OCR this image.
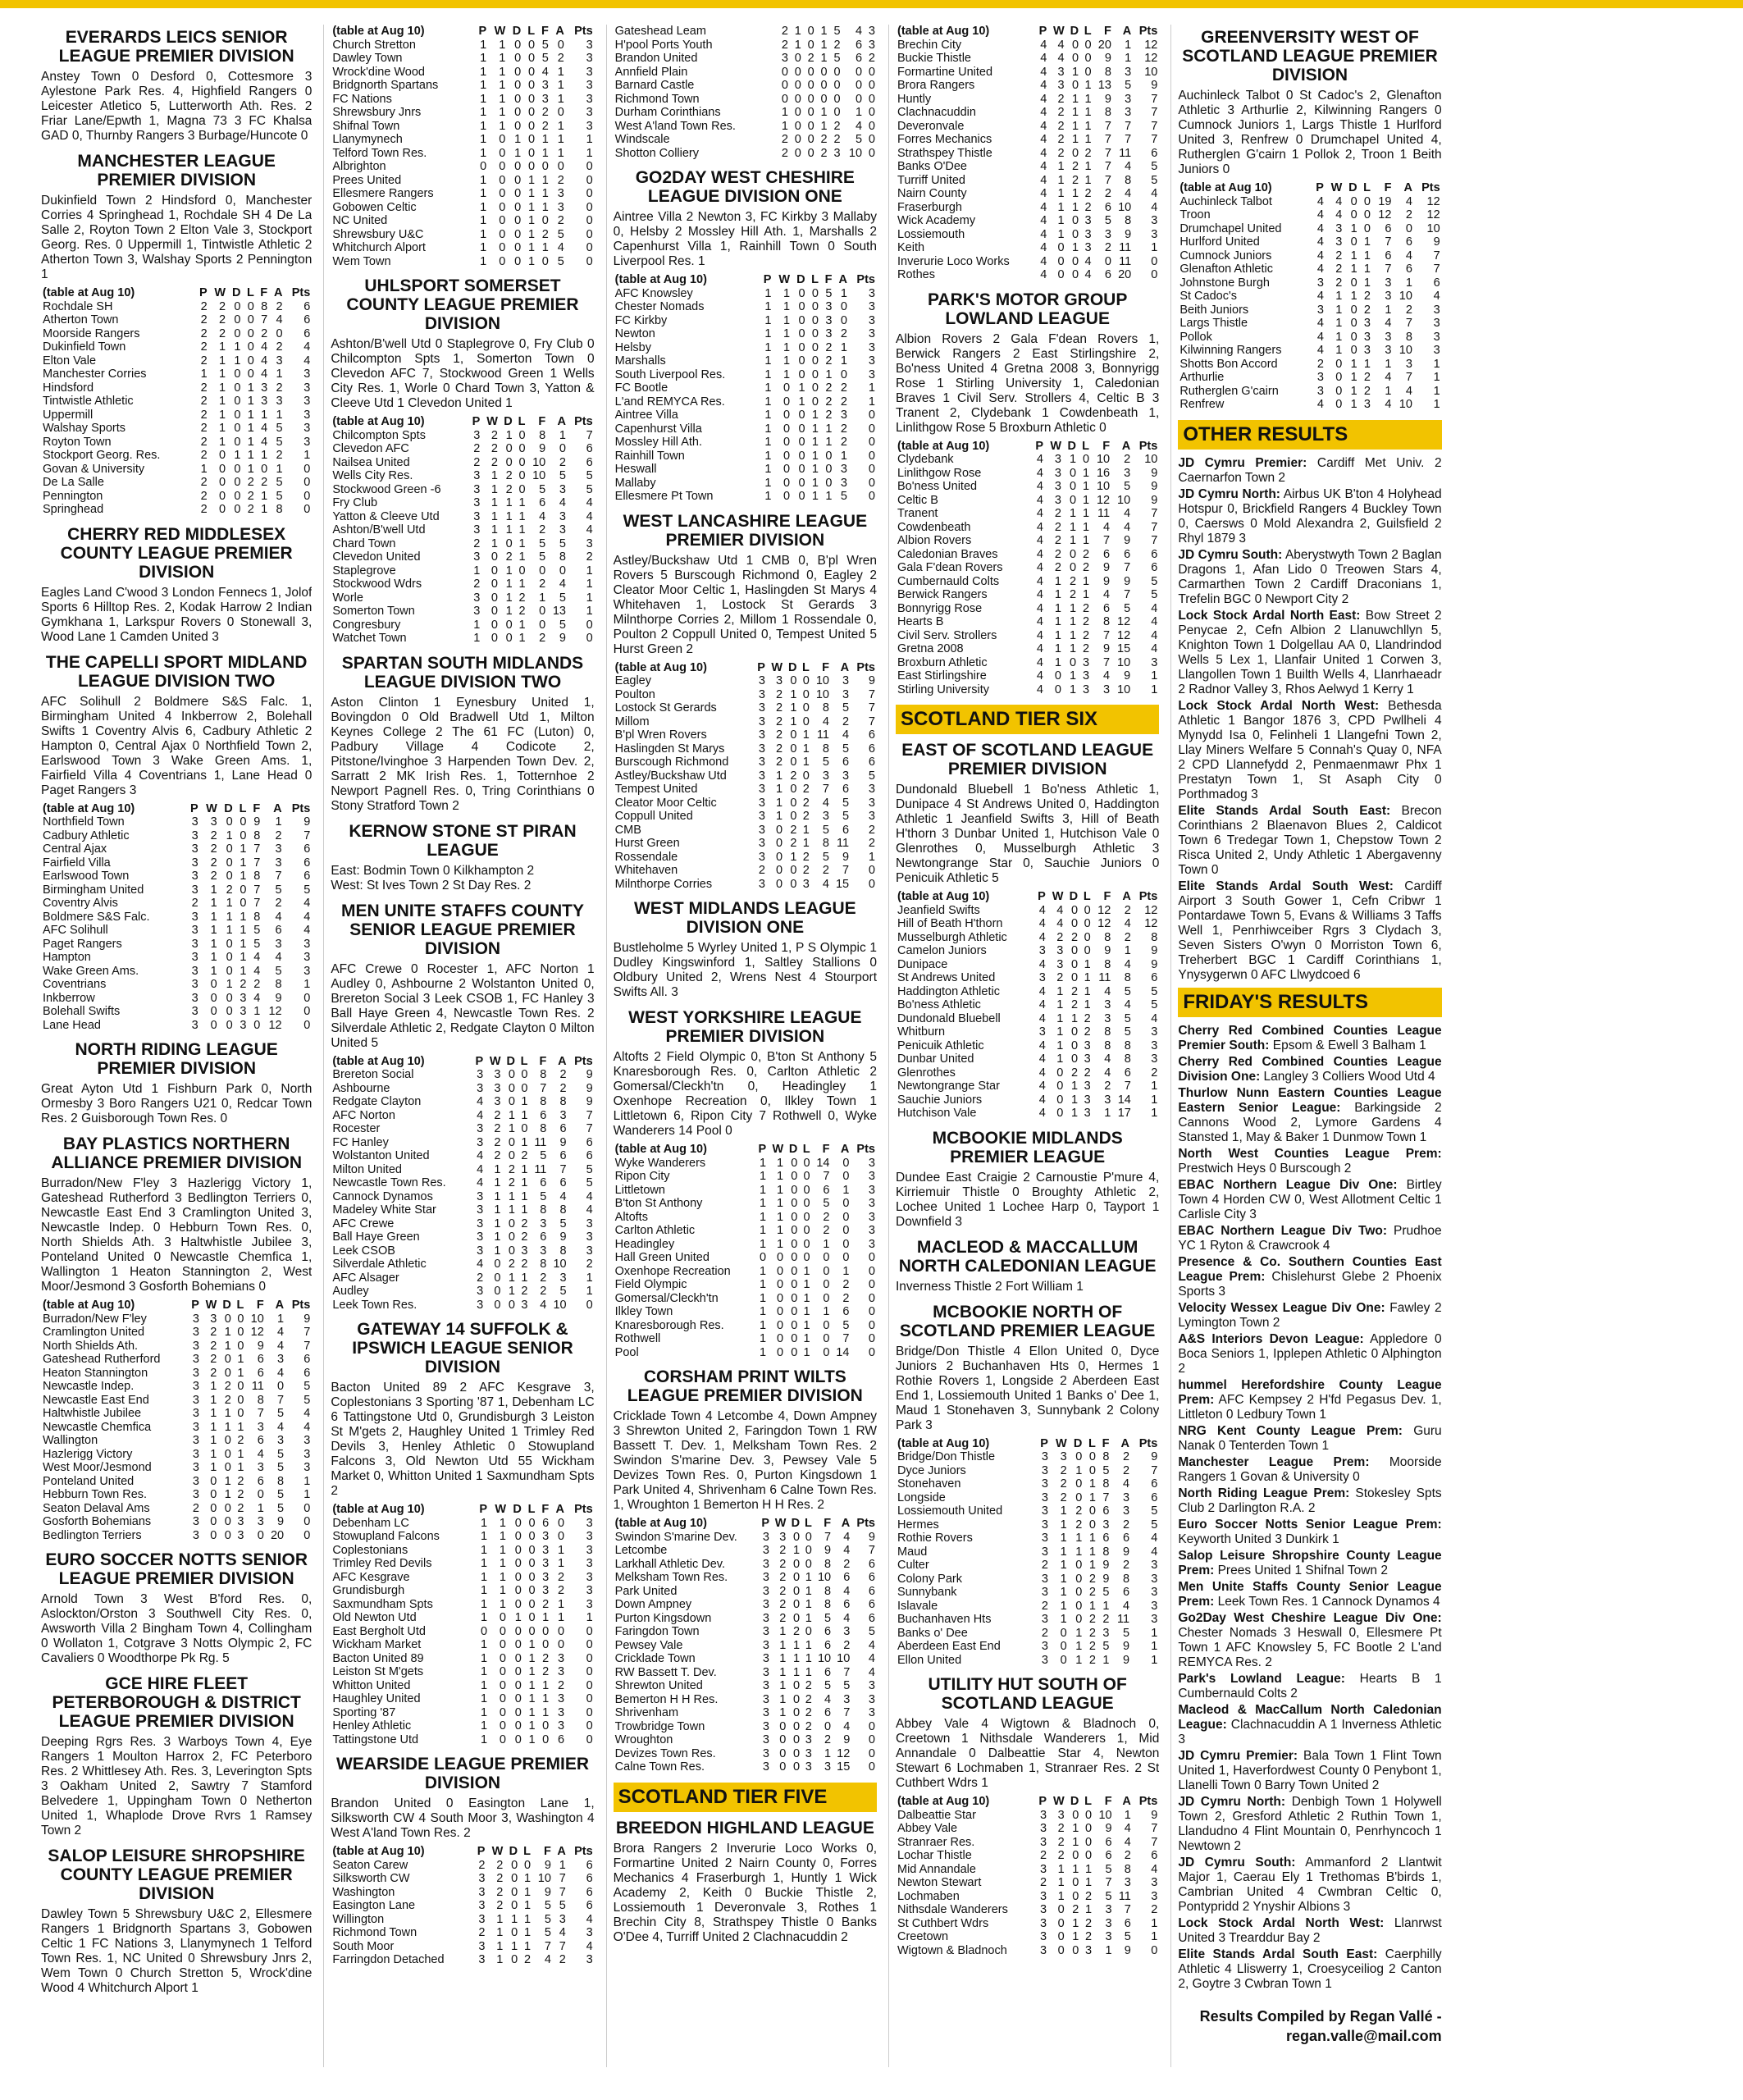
EVERARDS LEICS SENIOR LEAGUE PREMIER DIVISION
Anstey Town 0 Desford 0, Cottesmore 3 Aylestone Park Res. 4, Highfield Rangers 0 Leicester Atletico 5, Lutterworth Ath. Res. 2 Friar Lane/Epwth 1, Magna 73 3 FC Khalsa GAD 0, Thurnby Rangers 3 Burbage/Huncote 0
MANCHESTER LEAGUE PREMIER DIVISION
Dukinfield Town 2 Hindsford 0, Manchester Corries 4 Springhead 1, Rochdale SH 4 De La Salle 2, Royton Town 2 Elton Vale 3, Stockport Georg. Res. 0 Uppermill 1, Tintwistle Athletic 2 Atherton Town 3, Walshay Sports 2 Pennington 1
(table at Aug 10)	P	W	D	L	F	A	Pts
Rochdale SH	2	2	0	0	8	2	6
Atherton Town	2	2	0	0	7	4	6
Moorside Rangers	2	2	0	0	2	0	6
Dukinfield Town	2	1	1	0	4	2	4
Elton Vale	2	1	1	0	4	3	4
Manchester Corries	1	1	0	0	4	1	3
Hindsford	2	1	0	1	3	2	3
Tintwistle Athletic	2	1	0	1	3	3	3
Uppermill	2	1	0	1	1	1	3
Walshay Sports	2	1	0	1	4	5	3
Royton Town	2	1	0	1	4	5	3
Stockport Georg. Res.	2	0	1	1	1	2	1
Govan & University	1	0	0	1	0	1	0
De La Salle	2	0	0	2	2	5	0
Pennington	2	0	0	2	1	5	0
Springhead	2	0	0	2	1	8	0
CHERRY RED MIDDLESEX COUNTY LEAGUE PREMIER DIVISION
Eagles Land C'wood 3 London Fennecs 1, Jolof Sports 6 Hilltop Res. 2, Kodak Harrow 2 Indian Gymkhana 1, Larkspur Rovers 0 Stonewall 3, Wood Lane 1 Camden United 3
THE CAPELLI SPORT MIDLAND LEAGUE DIVISION TWO
AFC Solihull 2 Boldmere S&S Falc. 1, Birmingham United 4 Inkberrow 2, Bolehall Swifts 1 Coventry Alvis 6, Cadbury Athletic 2 Hampton 0, Central Ajax 0 Northfield Town 2, Earlswood Town 3 Wake Green Ams. 1, Fairfield Villa 4 Coventrians 1, Lane Head 0 Paget Rangers 3
(table at Aug 10)	P	W	D	L	F	A	Pts
Northfield Town	3	3	0	0	9	1	9
Cadbury Athletic	3	2	1	0	8	2	7
Central Ajax	3	2	0	1	7	3	6
Fairfield Villa	3	2	0	1	7	3	6
Earlswood Town	3	2	0	1	8	7	6
Birmingham United	3	1	2	0	7	5	5
Coventry Alvis	2	1	1	0	7	2	4
Boldmere S&S Falc.	3	1	1	1	8	4	4
AFC Solihull	3	1	1	1	5	6	4
Paget Rangers	3	1	0	1	5	3	3
Hampton	3	1	0	1	4	4	3
Wake Green Ams.	3	1	0	1	4	5	3
Coventrians	3	0	1	2	2	8	1
Inkberrow	3	0	0	3	4	9	0
Bolehall Swifts	3	0	0	3	1	12	0
Lane Head	3	0	0	3	0	12	0
NORTH RIDING LEAGUE PREMIER DIVISION
Great Ayton Utd 1 Fishburn Park 0, North Ormesby 3 Boro Rangers U21 0, Redcar Town Res. 2 Guisborough Town Res. 0
BAY PLASTICS NORTHERN ALLIANCE PREMIER DIVISION
Burradon/New F'ley 3 Hazlerigg Victory 1, Gateshead Rutherford 3 Bedlington Terriers 0, Newcastle East End 3 Cramlington United 3, Newcastle Indep. 0 Hebburn Town Res. 0, North Shields Ath. 3 Haltwhistle Jubilee 3, Ponteland United 0 Newcastle Chemfica 1, Wallington 1 Heaton Stannington 2, West Moor/Jesmond 3 Gosforth Bohemians 0
(table at Aug 10)	P	W	D	L	F	A	Pts
Burradon/New F'ley	3	3	0	0	10	1	9
Cramlington United	3	2	1	0	12	4	7
North Shields Ath.	3	2	1	0	9	4	7
Gateshead Rutherford	3	2	0	1	6	3	6
Heaton Stannington	3	2	0	1	6	4	6
Newcastle Indep.	3	1	2	0	11	0	5
Newcastle East End	3	1	2	0	8	7	5
Haltwhistle Jubilee	3	1	1	0	7	5	4
Newcastle Chemfica	3	1	1	1	3	4	4
Wallington	3	1	0	2	6	3	3
Hazlerigg Victory	3	1	0	1	4	5	3
West Moor/Jesmond	3	1	0	1	3	5	3
Ponteland United	3	0	1	2	6	8	1
Hebburn Town Res.	3	0	1	2	0	5	1
Seaton Delaval Ams	2	0	0	2	1	5	0
Gosforth Bohemians	3	0	0	3	3	9	0
Bedlington Terriers	3	0	0	3	0	20	0
EURO SOCCER NOTTS SENIOR LEAGUE PREMIER DIVISION
Arnold Town 3 West B'ford Res. 0, Aslockton/Orston 3 Southwell City Res. 0, Awsworth Villa 2 Bingham Town 4, Collingham 0 Wollaton 1, Cotgrave 3 Notts Olympic 2, FC Cavaliers 0 Woodthorpe Pk Rg. 5
GCE HIRE FLEET PETERBOROUGH & DISTRICT LEAGUE PREMIER DIVISION
Deeping Rgrs Res. 3 Warboys Town 4, Eye Rangers 1 Moulton Harrox 2, FC Peterboro Res. 2 Whittlesey Ath. Res. 3, Leverington Spts 3 Oakham United 2, Sawtry 7 Stamford Belvedere 1, Uppingham Town 0 Netherton United 1, Whaplode Drove Rvrs 1 Ramsey Town 2
SALOP LEISURE SHROPSHIRE COUNTY LEAGUE PREMIER DIVISION
Dawley Town 5 Shrewsbury U&C 2, Ellesmere Rangers 1 Bridgnorth Spartans 3, Gobowen Celtic 1 FC Nations 3, Llanymynech 1 Telford Town Res. 1, NC United 0 Shrewsbury Jnrs 2, Wem Town 0 Church Stretton 5, Wrock'dine Wood 4 Whitchurch Alport 1
(table at Aug 10)	P	W	D	L	F	A	Pts
Church Stretton	1	1	0	0	5	0	3
Dawley Town	1	1	0	0	5	2	3
Wrock'dine Wood	1	1	0	0	4	1	3
Bridgnorth Spartans	1	1	0	0	3	1	3
FC Nations	1	1	0	0	3	1	3
Shrewsbury Jnrs	1	1	0	0	2	0	3
Shifnal Town	1	1	0	0	2	1	3
Llanymynech	1	0	1	0	1	1	1
Telford Town Res.	1	0	1	0	1	1	1
Albrighton	0	0	0	0	0	0	0
Prees United	1	0	0	1	1	2	0
Ellesmere Rangers	1	0	0	1	1	3	0
Gobowen Celtic	1	0	0	1	1	3	0
NC United	1	0	0	1	0	2	0
Shrewsbury U&C	1	0	0	1	2	5	0
Whitchurch Alport	1	0	0	1	1	4	0
Wem Town	1	0	0	1	0	5	0
UHLSPORT SOMERSET COUNTY LEAGUE PREMIER DIVISION
Ashton/B'well Utd 0 Staplegrove 0, Fry Club 0 Chilcompton Spts 1, Somerton Town 0 Clevedon AFC 7, Stockwood Green 1 Wells City Res. 1, Worle 0 Chard Town 3, Yatton & Cleeve Utd 1 Clevedon United 1
(table at Aug 10)	P	W	D	L	F	A	Pts
Chilcompton Spts	3	2	1	0	8	1	7
Clevedon AFC	2	2	0	0	9	0	6
Nailsea United	2	2	0	0	10	2	6
Wells City Res.	3	1	2	0	10	5	5
Stockwood Green -6	3	1	2	0	5	3	5
Fry Club	3	1	1	1	6	4	4
Yatton & Cleeve Utd	3	1	1	1	4	3	4
Ashton/B'well Utd	3	1	1	1	2	3	4
Chard Town	2	1	0	1	5	5	3
Clevedon United	3	0	2	1	5	8	2
Staplegrove	1	0	1	0	0	0	1
Stockwood Wdrs	2	0	1	1	2	4	1
Worle	3	0	1	2	1	5	1
Somerton Town	3	0	1	2	0	13	1
Congresbury	1	0	0	1	0	5	0
Watchet Town	1	0	0	1	2	9	0
SPARTAN SOUTH MIDLANDS LEAGUE DIVISION TWO
Aston Clinton 1 Eynesbury United 1, Bovingdon 0 Old Bradwell Utd 1, Milton Keynes College 2 The 61 FC (Luton) 0, Padbury Village 4 Codicote 2, Pitstone/Ivinghoe 3 Harpenden Town Dev. 2, Sarratt 2 MK Irish Res. 1, Totternhoe 2 Newport Pagnell Res. 0, Tring Corinthians 0 Stony Stratford Town 2
KERNOW STONE ST PIRAN LEAGUE
East: Bodmin Town 0 Kilkhampton 2
West: St Ives Town 2 St Day Res. 2
MEN UNITE STAFFS COUNTY SENIOR LEAGUE PREMIER DIVISION
AFC Crewe 0 Rocester 1, AFC Norton 1 Audley 0, Ashbourne 2 Wolstanton United 0, Brereton Social 3 Leek CSOB 1, FC Hanley 3 Ball Haye Green 4, Newcastle Town Res. 2 Silverdale Athletic 2, Redgate Clayton 0 Milton United 5
(table at Aug 10)	P	W	D	L	F	A	Pts
Brereton Social	3	3	0	0	8	2	9
Ashbourne	3	3	0	0	7	2	9
Redgate Clayton	4	3	0	1	8	8	9
AFC Norton	4	2	1	1	6	3	7
Rocester	3	2	1	0	8	6	7
FC Hanley	3	2	0	1	11	9	6
Wolstanton United	4	2	0	2	5	6	6
Milton United	4	1	2	1	11	7	5
Newcastle Town Res.	4	1	2	1	6	6	5
Cannock Dynamos	3	1	1	1	5	4	4
Madeley White Star	3	1	1	1	8	8	4
AFC Crewe	3	1	0	2	3	5	3
Ball Haye Green	3	1	0	2	6	9	3
Leek CSOB	3	1	0	3	3	8	3
Silverdale Athletic	4	0	2	2	8	10	2
AFC Alsager	2	0	1	1	2	3	1
Audley	3	0	1	2	2	5	1
Leek Town Res.	3	0	0	3	4	10	0
GATEWAY 14 SUFFOLK & IPSWICH LEAGUE SENIOR DIVISION
Bacton United 89 2 AFC Kesgrave 3, Coplestonians 3 Sporting '87 1, Debenham LC 6 Tattingstone Utd 0, Grundisburgh 3 Leiston St M'gets 2, Haughley United 1 Trimley Red Devils 3, Henley Athletic 0 Stowupland Falcons 3, Old Newton Utd 55 Wickham Market 0, Whitton United 1 Saxmundham Spts 2
(table at Aug 10)	P	W	D	L	F	A	Pts
Debenham LC	1	1	0	0	6	0	3
Stowupland Falcons	1	1	0	0	3	0	3
Coplestonians	1	1	0	0	3	1	3
Trimley Red Devils	1	1	0	0	3	1	3
AFC Kesgrave	1	1	0	0	3	2	3
Grundisburgh	1	1	0	0	3	2	3
Saxmundham Spts	1	1	0	0	2	1	3
Old Newton Utd	1	0	1	0	1	1	1
East Bergholt Utd	0	0	0	0	0	0	0
Wickham Market	1	0	0	1	0	0	0
Bacton United 89	1	0	0	1	2	3	0
Leiston St M'gets	1	0	0	1	2	3	0
Whitton United	1	0	0	1	1	2	0
Haughley United	1	0	0	1	1	3	0
Sporting '87	1	0	0	1	1	3	0
Henley Athletic	1	0	0	1	0	3	0
Tattingstone Utd	1	0	0	1	0	6	0
WEARSIDE LEAGUE PREMIER DIVISION
Brandon United 0 Easington Lane 1, Silksworth CW 4 South Moor 3, Washington 4 West A'land Town Res. 2
(table at Aug 10)	P	W	D	L	F	A	Pts
Seaton Carew	2	2	0	0	9	1	6
Silksworth CW	3	2	0	1	10	7	6
Washington	3	2	0	1	9	7	6
Easington Lane	3	2	0	1	5	5	6
Willington	3	1	1	1	5	3	4
Richmond Town	2	1	0	1	5	4	3
South Moor	3	1	1	1	7	7	4
Farringdon Detached	3	1	0	2	4	2	3
Gateshead Leam	2	1	0	1	5	4	3
H'pool Ports Youth	2	1	0	1	2	6	3
Brandon United	3	0	2	1	5	6	2
Annfield Plain	0	0	0	0	0	0	0
Barnard Castle	0	0	0	0	0	0	0
Richmond Town	0	0	0	0	0	0	0
Durham Corinthians	1	0	0	1	0	1	0
West A'land Town Res.	1	0	0	1	2	4	0
Windscale	2	0	0	2	2	5	0
Shotton Colliery	2	0	0	2	3	10	0
GO2DAY WEST CHESHIRE LEAGUE DIVISION ONE
Aintree Villa 2 Newton 3, FC Kirkby 3 Mallaby 0, Helsby 2 Mossley Hill Ath. 1, Marshalls 2 Capenhurst Villa 1, Rainhill Town 0 South Liverpool Res. 1
(table at Aug 10)	P	W	D	L	F	A	Pts
AFC Knowsley	1	1	0	0	5	1	3
Chester Nomads	1	1	0	0	3	0	3
FC Kirkby	1	1	0	0	3	0	3
Newton	1	1	0	0	3	2	3
Helsby	1	1	0	0	2	1	3
Marshalls	1	1	0	0	2	1	3
South Liverpool Res.	1	1	0	0	1	0	3
FC Bootle	1	0	1	0	2	2	1
L'and REMYCA Res.	1	0	1	0	2	2	1
Aintree Villa	1	0	0	1	2	3	0
Capenhurst Villa	1	0	0	1	1	2	0
Mossley Hill Ath.	1	0	0	1	1	2	0
Rainhill Town	1	0	0	1	0	1	0
Heswall	1	0	0	1	0	3	0
Mallaby	1	0	0	1	0	3	0
Ellesmere Pt Town	1	0	0	1	1	5	0
WEST LANCASHIRE LEAGUE PREMIER DIVISION
Astley/Buckshaw Utd 1 CMB 0, B'pl Wren Rovers 5 Burscough Richmond 0, Eagley 2 Cleator Moor Celtic 1, Haslingden St Marys 4 Whitehaven 1, Lostock St Gerards 3 Milnthorpe Corries 2, Millom 1 Rossendale 0, Poulton 2 Coppull United 0, Tempest United 5 Hurst Green 2
(table at Aug 10)	P	W	D	L	F	A	Pts
Eagley	3	3	0	0	10	3	9
Poulton	3	2	1	0	10	3	7
Lostock St Gerards	3	2	1	0	8	5	7
Millom	3	2	1	0	4	2	7
B'pl Wren Rovers	3	2	0	1	11	4	6
Haslingden St Marys	3	2	0	1	8	5	6
Burscough Richmond	3	2	0	1	5	6	6
Astley/Buckshaw Utd	3	1	2	0	3	3	5
Tempest United	3	1	0	2	7	6	3
Cleator Moor Celtic	3	1	0	2	4	5	3
Coppull United	3	1	0	2	3	5	3
CMB	3	0	2	1	5	6	2
Hurst Green	3	0	2	1	8	11	2
Rossendale	3	0	1	2	5	9	1
Whitehaven	2	0	0	2	2	7	0
Milnthorpe Corries	3	0	0	3	4	15	0
WEST MIDLANDS LEAGUE DIVISION ONE
Bustleholme 5 Wyrley United 1, P S Olympic 1 Dudley Kingswinford 1, Saltley Stallions 0 Oldbury United 2, Wrens Nest 4 Stourport Swifts All. 3
WEST YORKSHIRE LEAGUE PREMIER DIVISION
Altofts 2 Field Olympic 0, B'ton St Anthony 5 Knaresborough Res. 0, Carlton Athletic 2 Gomersal/Cleckh'tn 0, Headingley 1 Oxenhope Recreation 0, Ilkley Town 1 Littletown 6, Ripon City 7 Rothwell 0, Wyke Wanderers 14 Pool 0
(table at Aug 10)	P	W	D	L	F	A	Pts
Wyke Wanderers	1	1	0	0	14	0	3
Ripon City	1	1	0	0	7	0	3
Littletown	1	1	0	0	6	1	3
B'ton St Anthony	1	1	0	0	5	0	3
Altofts	1	1	0	0	2	0	3
Carlton Athletic	1	1	0	0	2	0	3
Headingley	1	1	0	0	1	0	3
Hall Green United	0	0	0	0	0	0	0
Oxenhope Recreation	1	0	0	1	0	1	0
Field Olympic	1	0	0	1	0	2	0
Gomersal/Cleckh'tn	1	0	0	1	0	2	0
Ilkley Town	1	0	0	1	1	6	0
Knaresborough Res.	1	0	0	1	0	5	0
Rothwell	1	0	0	1	0	7	0
Pool	1	0	0	1	0	14	0
CORSHAM PRINT WILTS LEAGUE PREMIER DIVISION
Cricklade Town 4 Letcombe 4, Down Ampney 3 Shrewton United 2, Faringdon Town 1 RW Bassett T. Dev. 1, Melksham Town Res. 2 Swindon S'marine Dev. 3, Pewsey Vale 5 Devizes Town Res. 0, Purton Kingsdown 1 Park United 4, Shrivenham 6 Calne Town Res. 1, Wroughton 1 Bemerton H H Res. 2
(table at Aug 10)	P	W	D	L	F	A	Pts
Swindon S'marine Dev.	3	3	0	0	7	4	9
Letcombe	3	2	1	0	9	4	7
Larkhall Athletic Dev.	3	2	0	0	8	2	6
Melksham Town Res.	3	2	0	1	10	6	6
Park United	3	2	0	1	8	4	6
Down Ampney	3	2	0	1	8	6	6
Purton Kingsdown	3	2	0	1	5	4	6
Faringdon Town	3	1	2	0	6	3	5
Pewsey Vale	3	1	1	1	6	2	4
Cricklade Town	3	1	1	1	10	10	4
RW Bassett T. Dev.	3	1	1	1	6	7	4
Shrewton United	3	1	0	2	5	5	3
Bemerton H H Res.	3	1	0	2	4	3	3
Shrivenham	3	1	0	2	6	7	3
Trowbridge Town	3	0	0	2	0	4	0
Wroughton	3	0	0	3	2	9	0
Devizes Town Res.	3	0	0	3	1	12	0
Calne Town Res.	3	0	0	3	3	15	0
SCOTLAND TIER FIVE
BREEDON HIGHLAND LEAGUE
Brora Rangers 2 Inverurie Loco Works 0, Formartine United 2 Nairn County 0, Forres Mechanics 4 Fraserburgh 1, Huntly 1 Wick Academy 2, Keith 0 Buckie Thistle 2, Lossiemouth 1 Deveronvale 3, Rothes 1 Brechin City 8, Strathspey Thistle 0 Banks O'Dee 4, Turriff United 2 Clachnacuddin 2
(table at Aug 10)	P	W	D	L	F	A	Pts
Brechin City	4	4	0	0	20	1	12
Buckie Thistle	4	4	0	0	9	1	12
Formartine United	4	3	1	0	8	3	10
Brora Rangers	4	3	0	1	13	5	9
Huntly	4	2	1	1	9	3	7
Clachnacuddin	4	2	1	1	8	3	7
Deveronvale	4	2	1	1	7	7	7
Forres Mechanics	4	2	1	1	7	7	7
Strathspey Thistle	4	2	0	2	7	11	6
Banks O'Dee	4	1	2	1	7	4	5
Turriff United	4	1	2	1	7	8	5
Nairn County	4	1	1	2	2	4	4
Fraserburgh	4	1	1	2	6	10	4
Wick Academy	4	1	0	3	5	8	3
Lossiemouth	4	1	0	3	3	9	3
Keith	4	0	1	3	2	11	1
Inverurie Loco Works	4	0	0	4	0	11	0
Rothes	4	0	0	4	6	20	0
PARK'S MOTOR GROUP LOWLAND LEAGUE
Albion Rovers 2 Gala F'dean Rovers 1, Berwick Rangers 2 East Stirlingshire 2, Bo'ness United 4 Gretna 2008 3, Bonnyrigg Rose 1 Stirling University 1, Caledonian Braves 1 Civil Serv. Strollers 4, Celtic B 3 Tranent 2, Clydebank 1 Cowdenbeath 1, Linlithgow Rose 5 Broxburn Athletic 0
(table at Aug 10)	P	W	D	L	F	A	Pts
Clydebank	4	3	1	0	10	2	10
Linlithgow Rose	4	3	0	1	16	3	9
Bo'ness United	4	3	0	1	10	5	9
Celtic B	4	3	0	1	12	10	9
Tranent	4	2	1	1	11	4	7
Cowdenbeath	4	2	1	1	4	4	7
Albion Rovers	4	2	1	1	7	9	7
Caledonian Braves	4	2	0	2	6	6	6
Gala F'dean Rovers	4	2	0	2	9	7	6
Cumbernauld Colts	4	1	2	1	9	9	5
Berwick Rangers	4	1	2	1	4	7	5
Bonnyrigg Rose	4	1	1	2	6	5	4
Hearts B	4	1	1	2	8	12	4
Civil Serv. Strollers	4	1	1	2	7	12	4
Gretna 2008	4	1	1	2	9	15	4
Broxburn Athletic	4	1	0	3	7	10	3
East Stirlingshire	4	0	1	3	4	9	1
Stirling University	4	0	1	3	3	10	1
SCOTLAND TIER SIX
EAST OF SCOTLAND LEAGUE PREMIER DIVISION
Dundonald Bluebell 1 Bo'ness Athletic 1, Dunipace 4 St Andrews United 0, Haddington Athletic 1 Jeanfield Swifts 3, Hill of Beath H'thorn 3 Dunbar United 1, Hutchison Vale 0 Glenrothes 0, Musselburgh Athletic 3 Newtongrange Star 0, Sauchie Juniors 0 Penicuik Athletic 5
(table at Aug 10)	P	W	D	L	F	A	Pts
Jeanfield Swifts	4	4	0	0	12	2	12
Hill of Beath H'thorn	4	4	0	0	12	4	12
Musselburgh Athletic	4	2	2	0	8	2	8
Camelon Juniors	3	3	0	0	9	1	9
Dunipace	4	3	0	1	8	4	9
St Andrews United	3	2	0	1	11	8	6
Haddington Athletic	4	1	2	1	4	5	5
Bo'ness Athletic	4	1	2	1	3	4	5
Dundonald Bluebell	4	1	1	2	3	5	4
Whitburn	3	1	0	2	8	5	3
Penicuik Athletic	4	1	0	3	8	8	3
Dunbar United	4	1	0	3	4	8	3
Glenrothes	4	0	2	2	4	6	2
Newtongrange Star	4	0	1	3	2	7	1
Sauchie Juniors	4	0	1	3	3	14	1
Hutchison Vale	4	0	1	3	1	17	1
MCBOOKIE MIDLANDS PREMIER LEAGUE
Dundee East Craigie 2 Carnoustie P'mure 4, Kirriemuir Thistle 0 Broughty Athletic 2, Lochee United 1 Lochee Harp 0, Tayport 1 Downfield 3
MACLEOD & MACCALLUM NORTH CALEDONIAN LEAGUE
Inverness Thistle 2 Fort William 1
MCBOOKIE NORTH OF SCOTLAND PREMIER LEAGUE
Bridge/Don Thistle 4 Ellon United 0, Dyce Juniors 2 Buchanhaven Hts 0, Hermes 1 Rothie Rovers 1, Longside 2 Aberdeen East End 1, Lossiemouth United 1 Banks o' Dee 1, Maud 1 Stonehaven 3, Sunnybank 2 Colony Park 3
(table at Aug 10)	P	W	D	L	F	A	Pts
Bridge/Don Thistle	3	3	0	0	8	2	9
Dyce Juniors	3	2	1	0	5	2	7
Stonehaven	3	2	0	1	8	4	6
Longside	3	2	0	1	7	3	6
Lossiemouth United	3	1	2	0	6	3	5
Hermes	3	1	2	0	3	2	5
Rothie Rovers	3	1	1	1	6	6	4
Maud	3	1	1	1	8	9	4
Culter	2	1	0	1	9	2	3
Colony Park	3	1	0	2	9	8	3
Sunnybank	3	1	0	2	5	6	3
Islavale	2	1	0	1	1	4	3
Buchanhaven Hts	3	1	0	2	2	11	3
Banks o' Dee	2	0	1	2	3	5	1
Aberdeen East End	3	0	1	2	5	9	1
Ellon United	3	0	1	2	1	9	1
UTILITY HUT SOUTH OF SCOTLAND LEAGUE
Abbey Vale 4 Wigtown & Bladnoch 0, Creetown 1 Nithsdale Wanderers 1, Mid Annandale 0 Dalbeattie Star 4, Newton Stewart 6 Lochmaben 1, Stranraer Res. 2 St Cuthbert Wdrs 1
(table at Aug 10)	P	W	D	L	F	A	Pts
Dalbeattie Star	3	3	0	0	10	1	9
Abbey Vale	3	2	1	0	9	4	7
Stranraer Res.	3	2	1	0	6	4	7
Lochar Thistle	2	2	0	0	6	2	6
Mid Annandale	3	1	1	1	5	8	4
Newton Stewart	2	1	0	1	7	3	3
Lochmaben	3	1	0	2	5	11	3
Nithsdale Wanderers	3	0	2	1	3	7	2
St Cuthbert Wdrs	3	0	1	2	3	6	1
Creetown	3	0	1	2	3	5	1
Wigtown & Bladnoch	3	0	0	3	1	9	0
GREENVERSITY WEST OF SCOTLAND LEAGUE PREMIER DIVISION
Auchinleck Talbot 0 St Cadoc's 2, Glenafton Athletic 3 Arthurlie 2, Kilwinning Rangers 0 Cumnock Juniors 1, Largs Thistle 1 Hurlford United 3, Renfrew 0 Drumchapel United 4, Rutherglen G'cairn 1 Pollok 2, Troon 1 Beith Juniors 0
(table at Aug 10)	P	W	D	L	F	A	Pts
Auchinleck Talbot	4	4	0	0	19	4	12
Troon	4	4	0	0	12	2	12
Drumchapel United	4	3	1	0	6	0	10
Hurlford United	4	3	0	1	7	6	9
Cumnock Juniors	4	2	1	1	6	4	7
Glenafton Athletic	4	2	1	1	7	6	7
Johnstone Burgh	3	2	0	1	3	1	6
St Cadoc's	4	1	1	2	3	10	4
Beith Juniors	3	1	0	2	1	2	3
Largs Thistle	4	1	0	3	4	7	3
Pollok	4	1	0	3	3	8	3
Kilwinning Rangers	4	1	0	3	3	10	3
Shotts Bon Accord	2	0	1	1	1	3	1
Arthurlie	3	0	1	2	4	7	1
Rutherglen G'cairn	3	0	1	2	1	4	1
Renfrew	4	0	1	3	4	10	1
OTHER RESULTS
JD Cymru Premier: Cardiff Met Univ. 2 Caernarfon Town 2
JD Cymru North: Airbus UK B'ton 4 Holyhead Hotspur 0, Brickfield Rangers 4 Buckley Town 0, Caersws 0 Mold Alexandra 2, Guilsfield 2 Rhyl 1879 3
JD Cymru South: Aberystwyth Town 2 Baglan Dragons 1, Afan Lido 0 Treowen Stars 4, Carmarthen Town 2 Cardiff Draconians 1, Trefelin BGC 0 Newport City 2
Lock Stock Ardal North East: Bow Street 2 Penycae 2, Cefn Albion 2 Llanuwchllyn 5, Knighton Town 1 Dolgellau AA 0, Llandrindod Wells 5 Lex 1, Llanfair United 1 Corwen 3, Llangollen Town 1 Builth Wells 4, Llanrhaeadr 2 Radnor Valley 3, Rhos Aelwyd 1 Kerry 1
Lock Stock Ardal North West: Bethesda Athletic 1 Bangor 1876 3, CPD Pwllheli 4 Mynydd Isa 0, Felinheli 1 Llangefni Town 2, Llay Miners Welfare 5 Connah's Quay 0, NFA 2 CPD Llannefydd 2, Penmaenmawr Phx 1 Prestatyn Town 1, St Asaph City 0 Porthmadog 3
Elite Stands Ardal South East: Brecon Corinthians 2 Blaenavon Blues 2, Caldicot Town 6 Tredegar Town 1, Chepstow Town 2 Risca United 2, Undy Athletic 1 Abergavenny Town 0
Elite Stands Ardal South West: Cardiff Airport 3 South Gower 1, Cefn Cribwr 1 Pontardawe Town 5, Evans & Williams 3 Taffs Well 1, Penrhiwceiber Rgrs 3 Clydach 3, Seven Sisters O'wyn 0 Morriston Town 6, Treherbert BGC 1 Cardiff Corinthians 1, Ynysygerwn 0 AFC Llwydcoed 6
FRIDAY'S RESULTS
Cherry Red Combined Counties League Premier South: Epsom & Ewell 3 Balham 1
Cherry Red Combined Counties League Division One: Langley 3 Colliers Wood Utd 4
Thurlow Nunn Eastern Counties League Eastern Senior League: Barkingside 2 Cannons Wood 2, Lymore Gardens 4 Stansted 1, May & Baker 1 Dunmow Town 1
North West Counties League Prem: Prestwich Heys 0 Burscough 2
EBAC Northern League Div One: Birtley Town 4 Horden CW 0, West Allotment Celtic 1 Carlisle City 3
EBAC Northern League Div Two: Prudhoe YC 1 Ryton & Crawcrook 4
Presence & Co. Southern Counties East League Prem: Chislehurst Glebe 2 Phoenix Sports 3
Velocity Wessex League Div One: Fawley 2 Lymington Town 2
A&S Interiors Devon League: Appledore 0 Boca Seniors 1, Ipplepen Athletic 0 Alphington 2
hummel Herefordshire County League Prem: AFC Kempsey 2 H'fd Pegasus Dev. 1, Littleton 0 Ledbury Town 1
NRG Kent County League Prem: Guru Nanak 0 Tenterden Town 1
Manchester League Prem: Moorside Rangers 1 Govan & University 0
North Riding League Prem: Stokesley Spts Club 2 Darlington R.A. 2
Euro Soccer Notts Senior League Prem: Keyworth United 3 Dunkirk 1
Salop Leisure Shropshire County League Prem: Prees United 1 Shifnal Town 2
Men Unite Staffs County Senior League Prem: Leek Town Res. 1 Cannock Dynamos 4
Go2Day West Cheshire League Div One: Chester Nomads 3 Heswall 0, Ellesmere Pt Town 1 AFC Knowsley 5, FC Bootle 2 L'and REMYCA Res. 2
Park's Lowland League: Hearts B 1 Cumbernauld Colts 2
Macleod & MacCallum North Caledonian League: Clachnacuddin A 1 Inverness Athletic 3
JD Cymru Premier: Bala Town 1 Flint Town United 1, Haverfordwest County 0 Penybont 1, Llanelli Town 0 Barry Town United 2
JD Cymru North: Denbigh Town 1 Holywell Town 2, Gresford Athletic 2 Ruthin Town 1, Llandudno 4 Flint Mountain 0, Penrhyncoch 1 Newtown 2
JD Cymru South: Ammanford 2 Llantwit Major 1, Caerau Ely 1 Trethomas B'birds 1, Cambrian United 4 Cwmbran Celtic 0, Pontypridd 2 Ynyshir Albions 3
Lock Stock Ardal North West: Llanrwst United 3 Trearddur Bay 2
Elite Stands Ardal South East: Caerphilly Athletic 4 Lliswerry 1, Croesyceiliog 2 Canton 2, Goytre 3 Cwbran Town 1
Results Compiled by Regan Vallé -
regan.valle@mail.com
